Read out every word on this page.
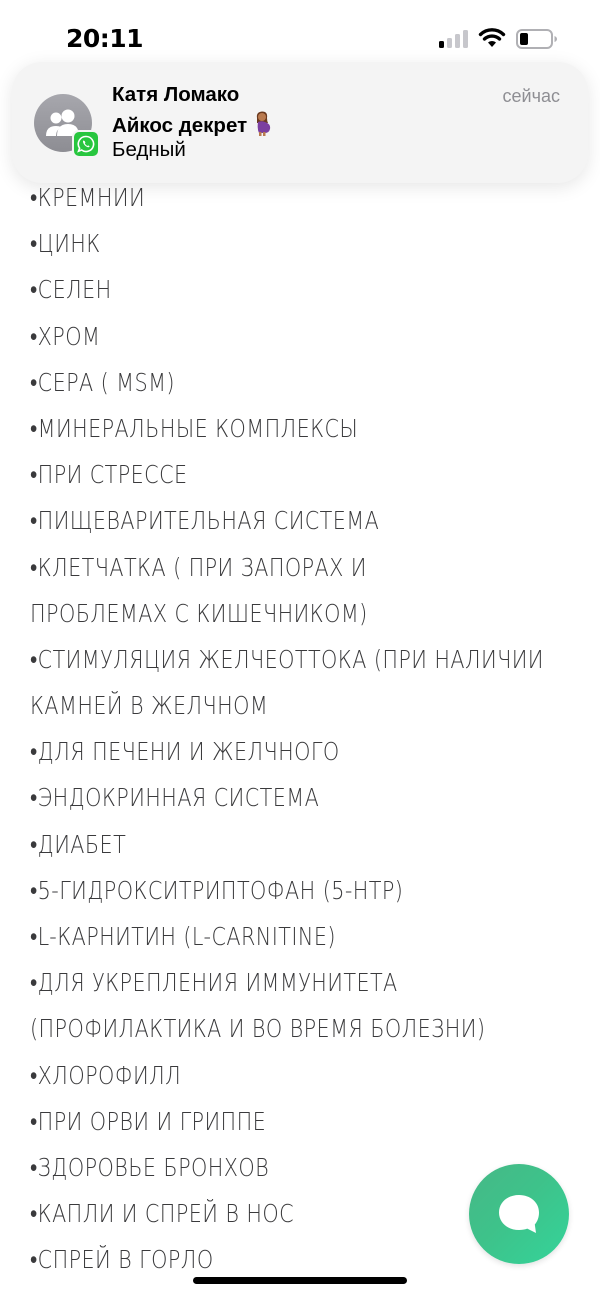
20:11
•КРЕМНИИ
•ЦИНК
•СЕЛЕН
•ХРОМ
•СЕРА ( MSM)
•МИНЕРАЛЬНЫЕ КОМПЛЕКСЫ
•ПРИ СТРЕССЕ
•ПИЩЕВАРИТЕЛЬНАЯ СИСТЕМА
•КЛЕТЧАТКА ( ПРИ ЗАПОРАХ И
ПРОБЛЕМАХ С КИШЕЧНИКОМ)
•СТИМУЛЯЦИЯ ЖЕЛЧЕОТТОКА (ПРИ НАЛИЧИИ
КАМНЕЙ В ЖЕЛЧНОМ
•ДЛЯ ПЕЧЕНИ И ЖЕЛЧНОГО
•ЭНДОКРИННАЯ СИСТЕМА
•ДИАБЕТ
•5-ГИДРОКСИТРИПТОФАН (5-HTP)
•L-КАРНИТИН (L-CARNITINE)
•ДЛЯ УКРЕПЛЕНИЯ ИММУНИТЕТА
(ПРОФИЛАКТИКА И ВО ВРЕМЯ БОЛЕЗНИ)
•ХЛОРОФИЛЛ
•ПРИ ОРВИ И ГРИППЕ
•ЗДОРОВЬЕ БРОНХОВ
•КАПЛИ И СПРЕЙ В НОС
•СПРЕЙ В ГОРЛО
Катя Ломако
Айкос декрет
Бедный
сейчас
